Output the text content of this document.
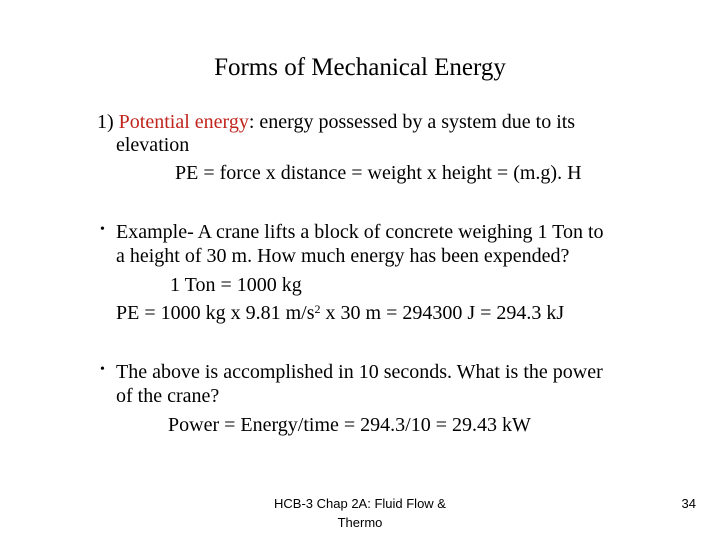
Forms of Mechanical Energy
1) Potential energy: energy possessed by a system due to its
elevation
PE = force x distance = weight x height = (m.g). H
• Example- A crane lifts a block of concrete weighing 1 Ton to
a height of 30 m. How much energy has been expended?
1 Ton = 1000 kg
PE = 1000 kg x 9.81 $m/s^2$ x 30 m = 294300 J = 294.3 kJ
• The above is accomplished in 10 seconds. What is the power
of the crane?
Power = Energy/time = 294.3/10 = 29.43 kW
HCB-3 Chap 2A: Fluid Flow &
Thermo
34
